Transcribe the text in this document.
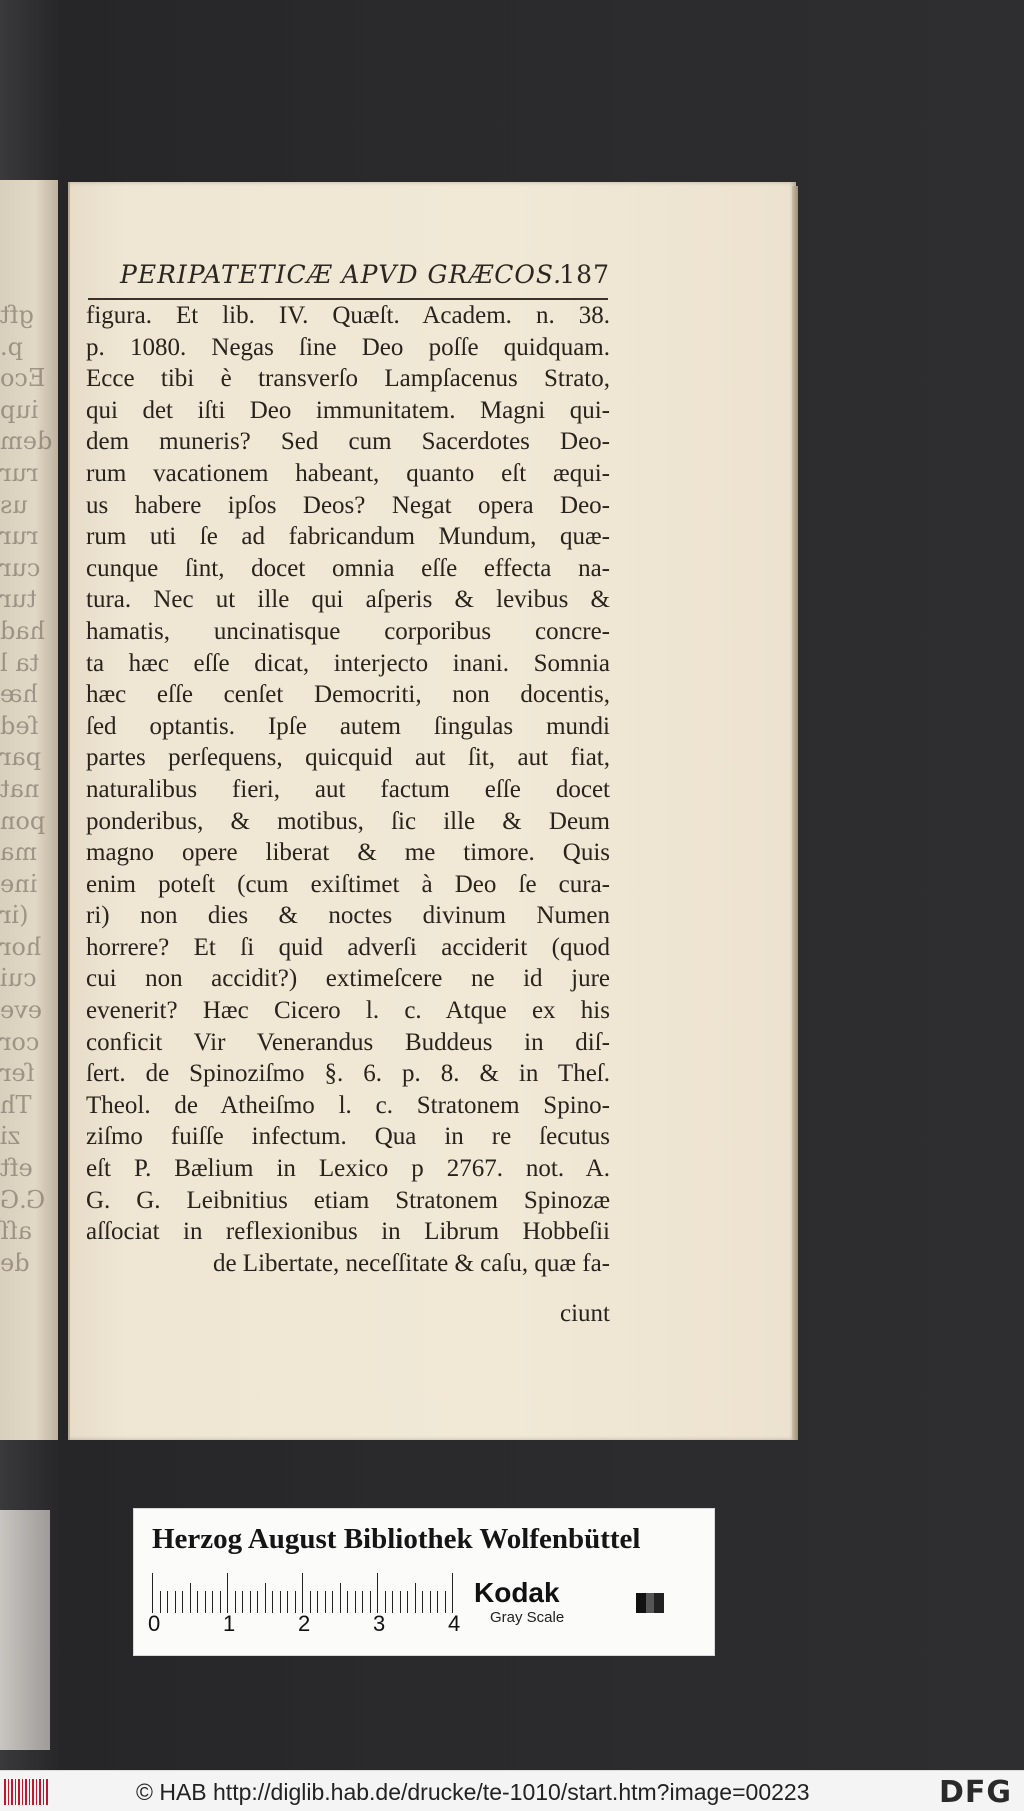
gft
p.
Eco
iup
dem
rur
us
rur
cur
tur
had
ta l
hæ
ſed
par
nat
pon
ma
ine
(ir
hor
cui
eve
cor
ſer
Th
zi
eft
G.G
aſſ
de
PERIPATETICÆ APVD GRÆCOS.
187
figura. Et lib. IV. Quæſt. Academ. n. 38.
p. 1080. Negas ſine Deo poſſe quidquam.
Ecce tibi è transverſo Lampſacenus Strato,
qui det iſti Deo immunitatem. Magni qui-
dem muneris? Sed cum Sacerdotes Deo-
rum vacationem habeant, quanto eſt æqui-
us habere ipſos Deos? Negat opera Deo-
rum uti ſe ad fabricandum Mundum, quæ-
cunque ſint, docet omnia eſſe effecta na-
tura. Nec ut ille qui aſperis & levibus &
hamatis, uncinatisque corporibus concre-
ta hæc eſſe dicat, interjecto inani. Somnia
hæc eſſe cenſet Democriti, non docentis,
ſed optantis. Ipſe autem ſingulas mundi
partes perſequens, quicquid aut ſit, aut fiat,
naturalibus fieri, aut factum eſſe docet
ponderibus, & motibus, ſic ille & Deum
magno opere liberat & me timore. Quis
enim poteſt (cum exiſtimet à Deo ſe cura-
ri) non dies & noctes divinum Numen
horrere? Et ſi quid adverſi acciderit (quod
cui non accidit?) extimeſcere ne id jure
evenerit? Hæc Cicero l. c. Atque ex his
conficit Vir Venerandus Buddeus in diſ-
ſert. de Spinoziſmo §. 6. p. 8. & in Theſ.
Theol. de Atheiſmo l. c. Stratonem Spino-
ziſmo fuiſſe infectum. Qua in re ſecutus
eſt P. Bælium in Lexico p 2767. not. A.
G. G. Leibnitius etiam Stratonem Spinozæ
aſſociat in reflexionibus in Librum Hobbeſii
de Libertate, neceſſitate & caſu, quæ fa-
ciunt
Herzog August Bibliothek Wolfenbüttel
0	1	2	3	4
Kodak
Gray Scale
© HAB http://diglib.hab.de/drucke/te-1010/start.htm?image=00223	DFG
